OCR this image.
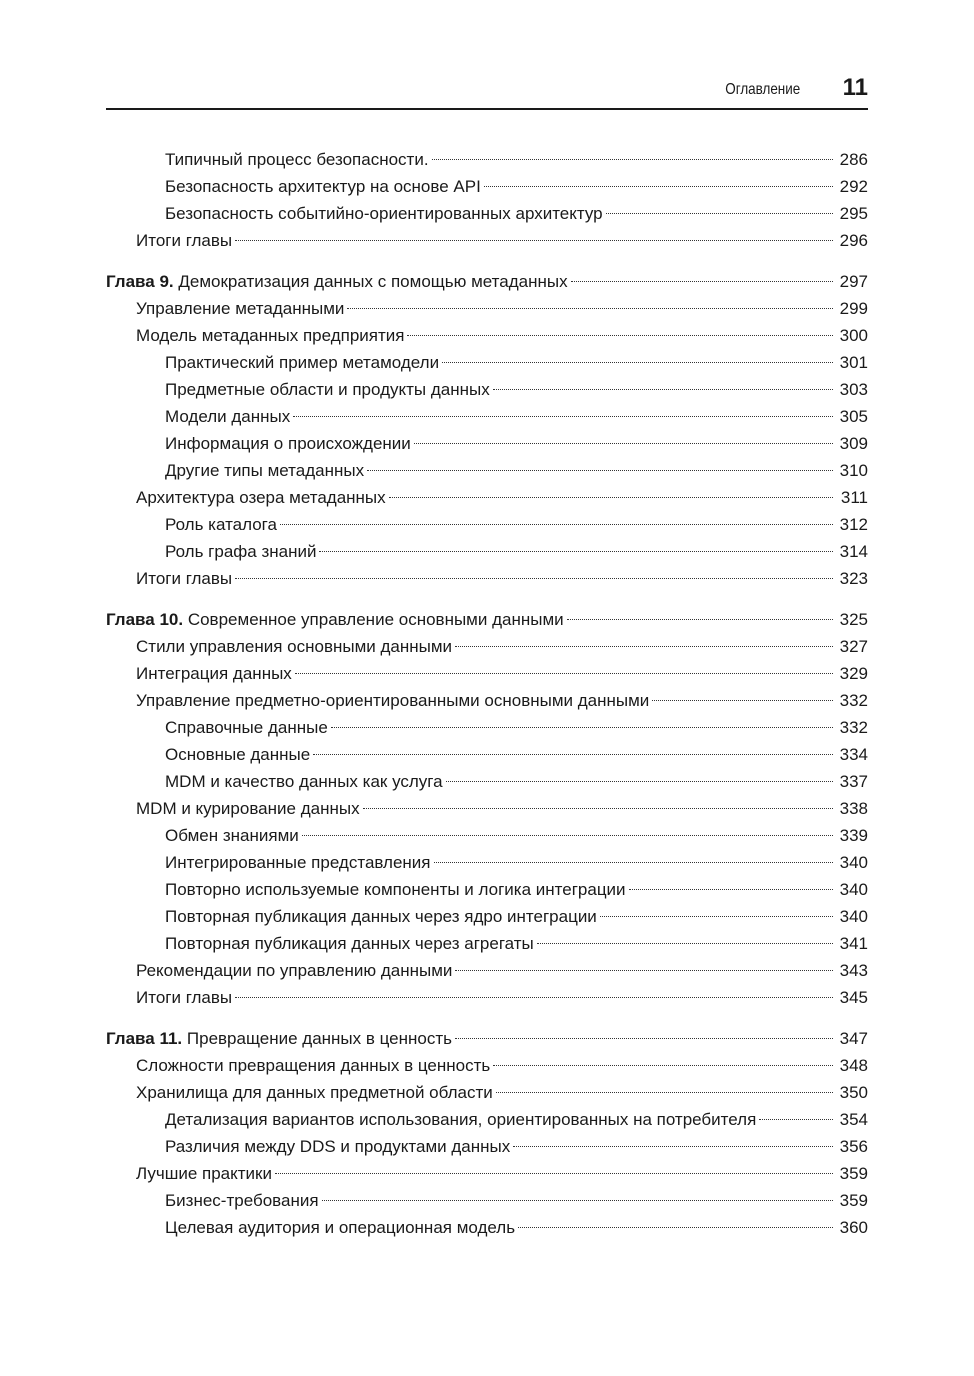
Оглавление 11
Типичный процесс безопасности.	286
Безопасность архитектур на основе API	292
Безопасность событийно-ориентированных архитектур	295
Итоги главы	296
Глава 9. Демократизация данных с помощью метаданных	297
Управление метаданными	299
Модель метаданных предприятия	300
Практический пример метамодели	301
Предметные области и продукты данных	303
Модели данных	305
Информация о происхождении	309
Другие типы метаданных	310
Архитектура озера метаданных	311
Роль каталога	312
Роль графа знаний	314
Итоги главы	323
Глава 10. Современное управление основными данными	325
Стили управления основными данными	327
Интеграция данных	329
Управление предметно-ориентированными основными данными	332
Справочные данные	332
Основные данные	334
MDM и качество данных как услуга	337
MDM и курирование данных	338
Обмен знаниями	339
Интегрированные представления	340
Повторно используемые компоненты и логика интеграции	340
Повторная публикация данных через ядро интеграции	340
Повторная публикация данных через агрегаты	341
Рекомендации по управлению данными	343
Итоги главы	345
Глава 11. Превращение данных в ценность	347
Сложности превращения данных в ценность	348
Хранилища для данных предметной области	350
Детализация вариантов использования, ориентированных на потребителя	354
Различия между DDS и продуктами данных	356
Лучшие практики	359
Бизнес-требования	359
Целевая аудитория и операционная модель	360
